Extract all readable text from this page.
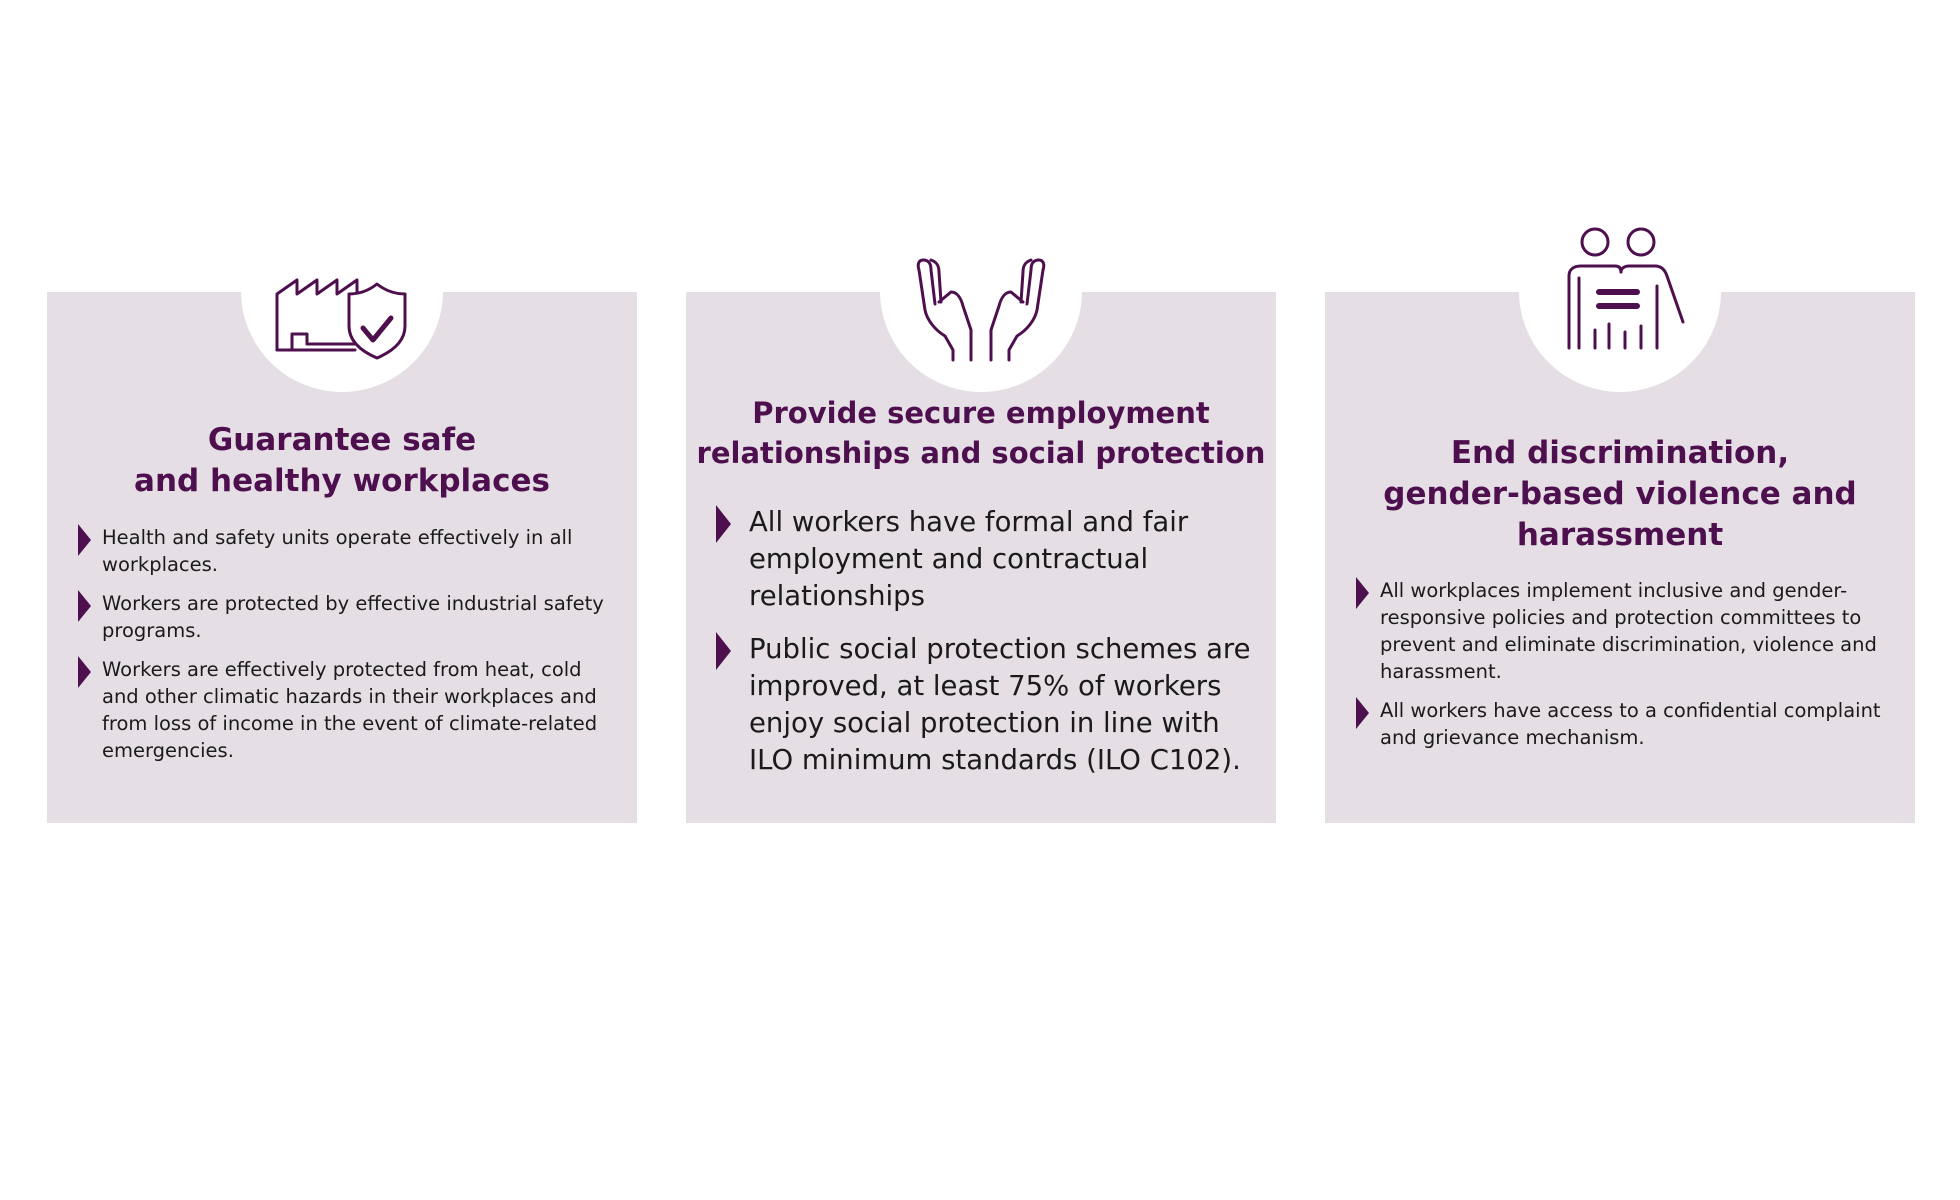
Guarantee safe
and healthy workplaces
Health and safety units operate effectively in all workplaces.
Workers are protected by effective industrial safety programs.
Workers are effectively protected from heat, cold and other climatic hazards in their workplaces and from loss of income in the event of climate-related emergencies.
Provide secure employment
relationships and social protection
All workers have formal and fair employment and contractual relationships
Public social protection schemes are improved, at least 75% of workers enjoy social protection in line with ILO minimum standards (ILO C102).
End discrimination,
gender-based violence and
harassment
All workplaces implement inclusive and gender-responsive policies and protection committees to prevent and eliminate discrimination, violence and harassment.
All workers have access to a confidential complaint and grievance mechanism.
